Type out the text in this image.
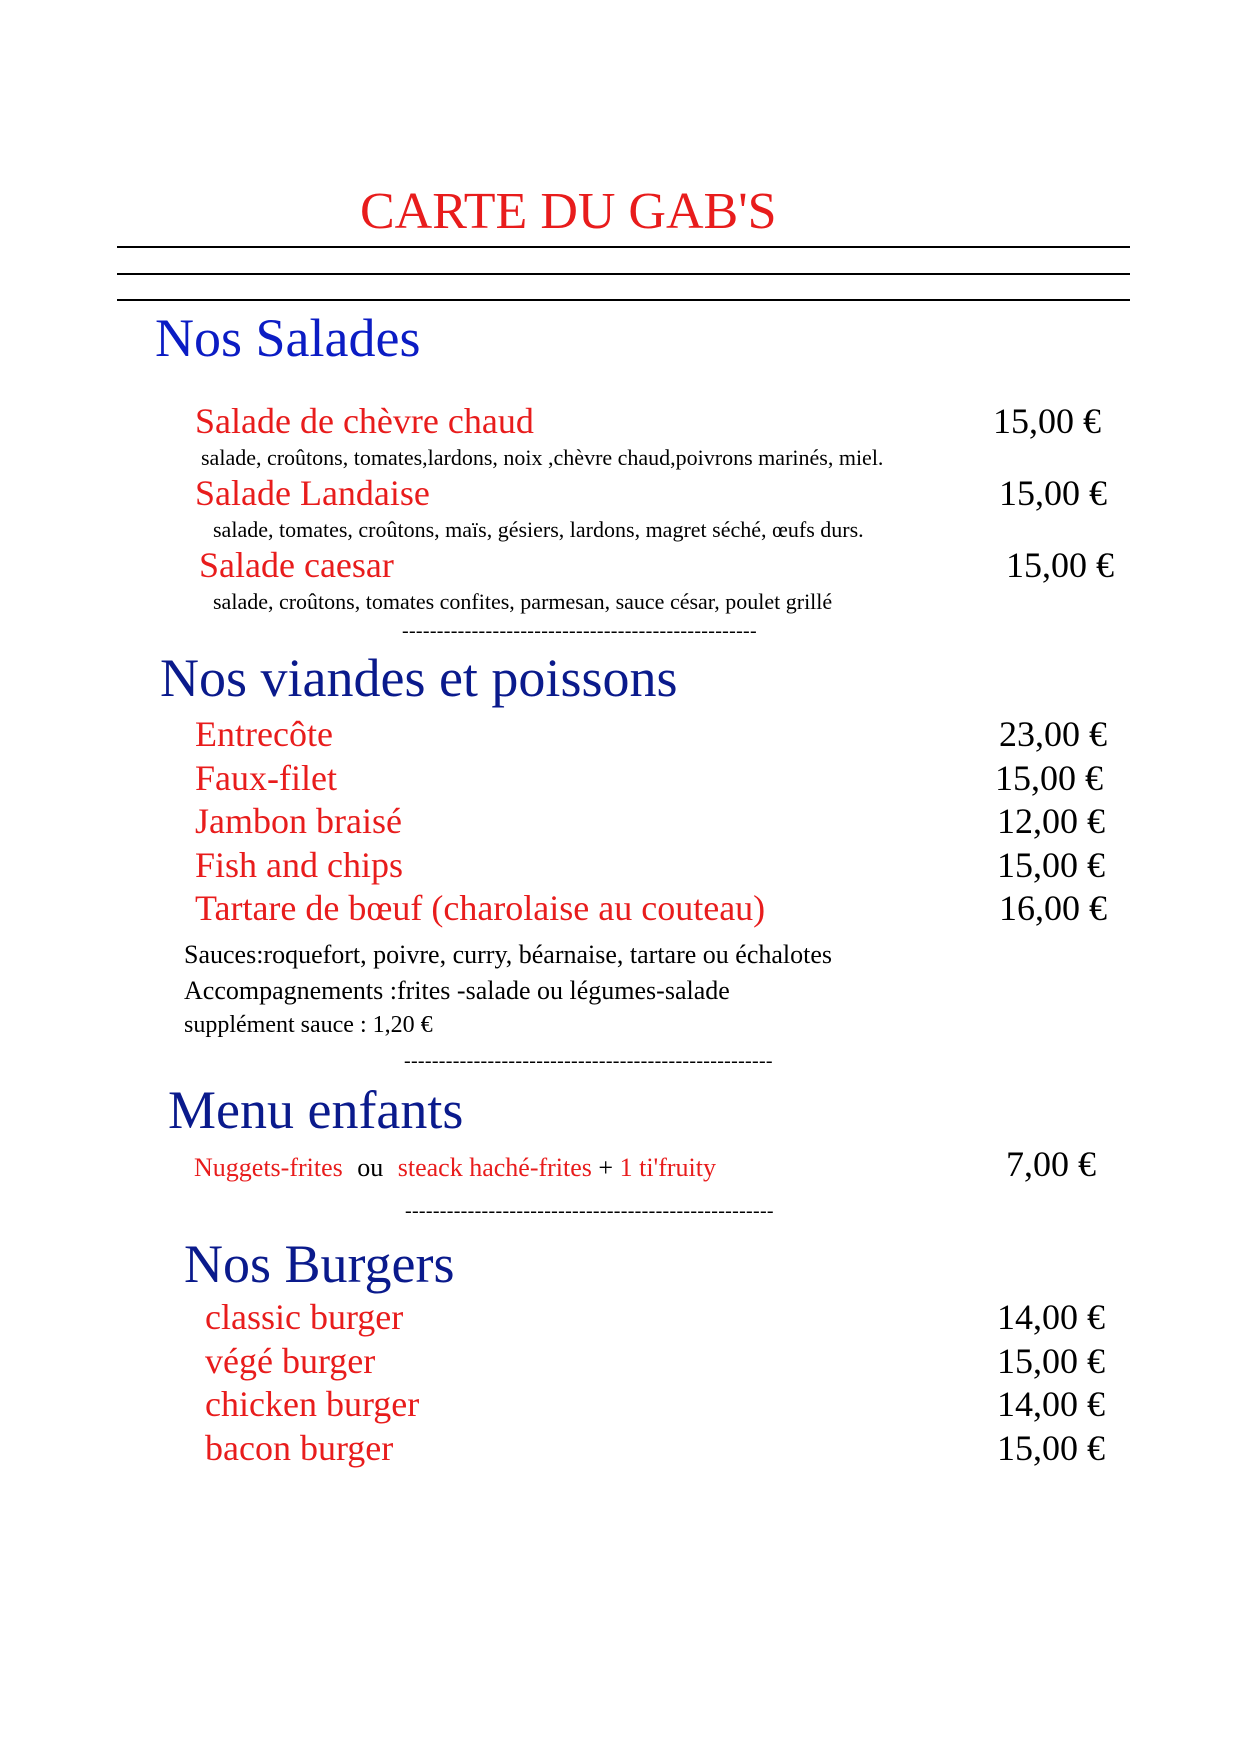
CARTE DU GAB'S
Nos Salades
Salade de chèvre chaud	15,00 €
salade, croûtons, tomates,lardons, noix ,chèvre chaud,poivrons marinés, miel.
Salade Landaise	15,00 €
salade, tomates, croûtons, maïs, gésiers, lardons, magret séché, œufs durs.
Salade caesar	15,00 €
salade, croûtons, tomates confites, parmesan, sauce césar, poulet grillé
---------------------------------------------------
Nos viandes et poissons
Entrecôte	23,00 €
Faux-filet	15,00 €
Jambon braisé	12,00 €
Fish and chips	15,00 €
Tartare de bœuf (charolaise au couteau)	16,00 €
Sauces:roquefort, poivre, curry, béarnaise, tartare ou échalotes
Accompagnements :frites -salade ou légumes-salade
supplément sauce : 1,20 €
-----------------------------------------------------
Menu enfants
Nuggets-frites ou steack haché-frites + 1 ti'fruity	7,00 €
-----------------------------------------------------
Nos Burgers
classic burger	14,00 €
végé burger	15,00 €
chicken burger	14,00 €
bacon burger	15,00 €
